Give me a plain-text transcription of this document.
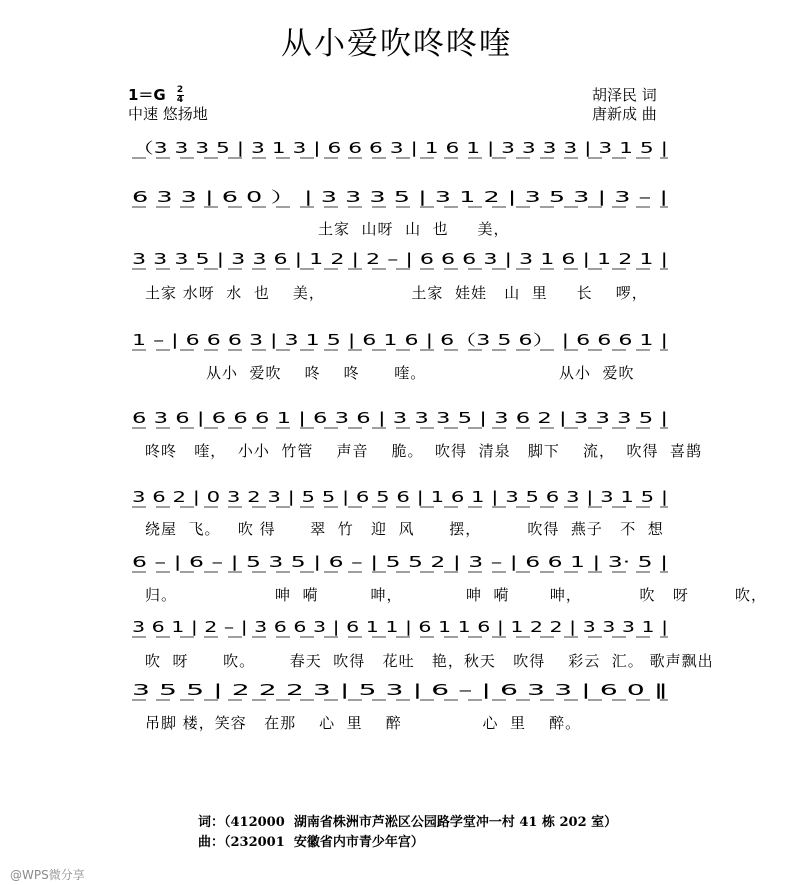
从小爱吹咚咚喹
$1=G \frac{2}{4}$
中速 悠扬地
胡泽民 词
唐新成 曲
（3 3 3 5 | 3 1 3 | 6 6 6 3 | 1 6 1 | 3 3 3 3 | 3 1 5 |
6 3 3 | 6 0 ） | 3 3 3 5 | 3 1 2 | 3 5 3 | 3 – |
3 3 3 5 | 3 3 6 | 1 2 | 2 – | 6 6 6 3 | 3 1 6 | 1 2 1 |
1 – | 6 6 6 3 | 3 1 5 | 6 1 6 | 6（3 5 6） | 6 6 6 1 |
6 3 6 | 6 6 6 1 | 6 3 6 | 3 3 3 5 | 3 6 2 | 3 3 3 5 |
3 6 2 | 0 3 2 3 | 5 5 | 6 5 6 | 1 6 1 | 3 5 6 3 | 3 1 5 |
6 – | 6 – | 5 3 5 | 6 – | 5 5 2 | 3 – | 6 6 1 | 3· 5 |
3 6 1 | 2 – | 3 6 6 3 | 6 1 1 | 6 1 1 6 | 1 2 2 | 3 3 3 1 |
3 5 5 | 2 2 2 3 | 5 3 | 6 – | 6 3 3 | 6 0 ‖
土家  山呀  山  也     美，
土家 水呀  水  也    美，               土家  娃娃   山  里     长    啰，
从小  爱吹    咚    咚      喹。                       从小  爱吹
咚咚   喹，  小小  竹管    声音    脆。  吹得  清泉   脚下    流，  吹得  喜鹊
绕屋  飞。   吹 得      翠  竹   迎  风      摆，        吹得  燕子   不  想
归。                 呻  嗬         呻，           呻  嗬       呻，          吹   呀        吹，
吹  呀      吹。      春天  吹得   花吐   艳，秋天   吹得    彩云  汇。 歌声飘出
吊脚 楼，笑容   在那    心  里    醉              心  里    醉。
词：（412000  湖南省株洲市芦淞区公园路学堂冲一村 41 栋 202 室）
曲：（232001  安徽省内市青少年宫）
@WPS微分享
